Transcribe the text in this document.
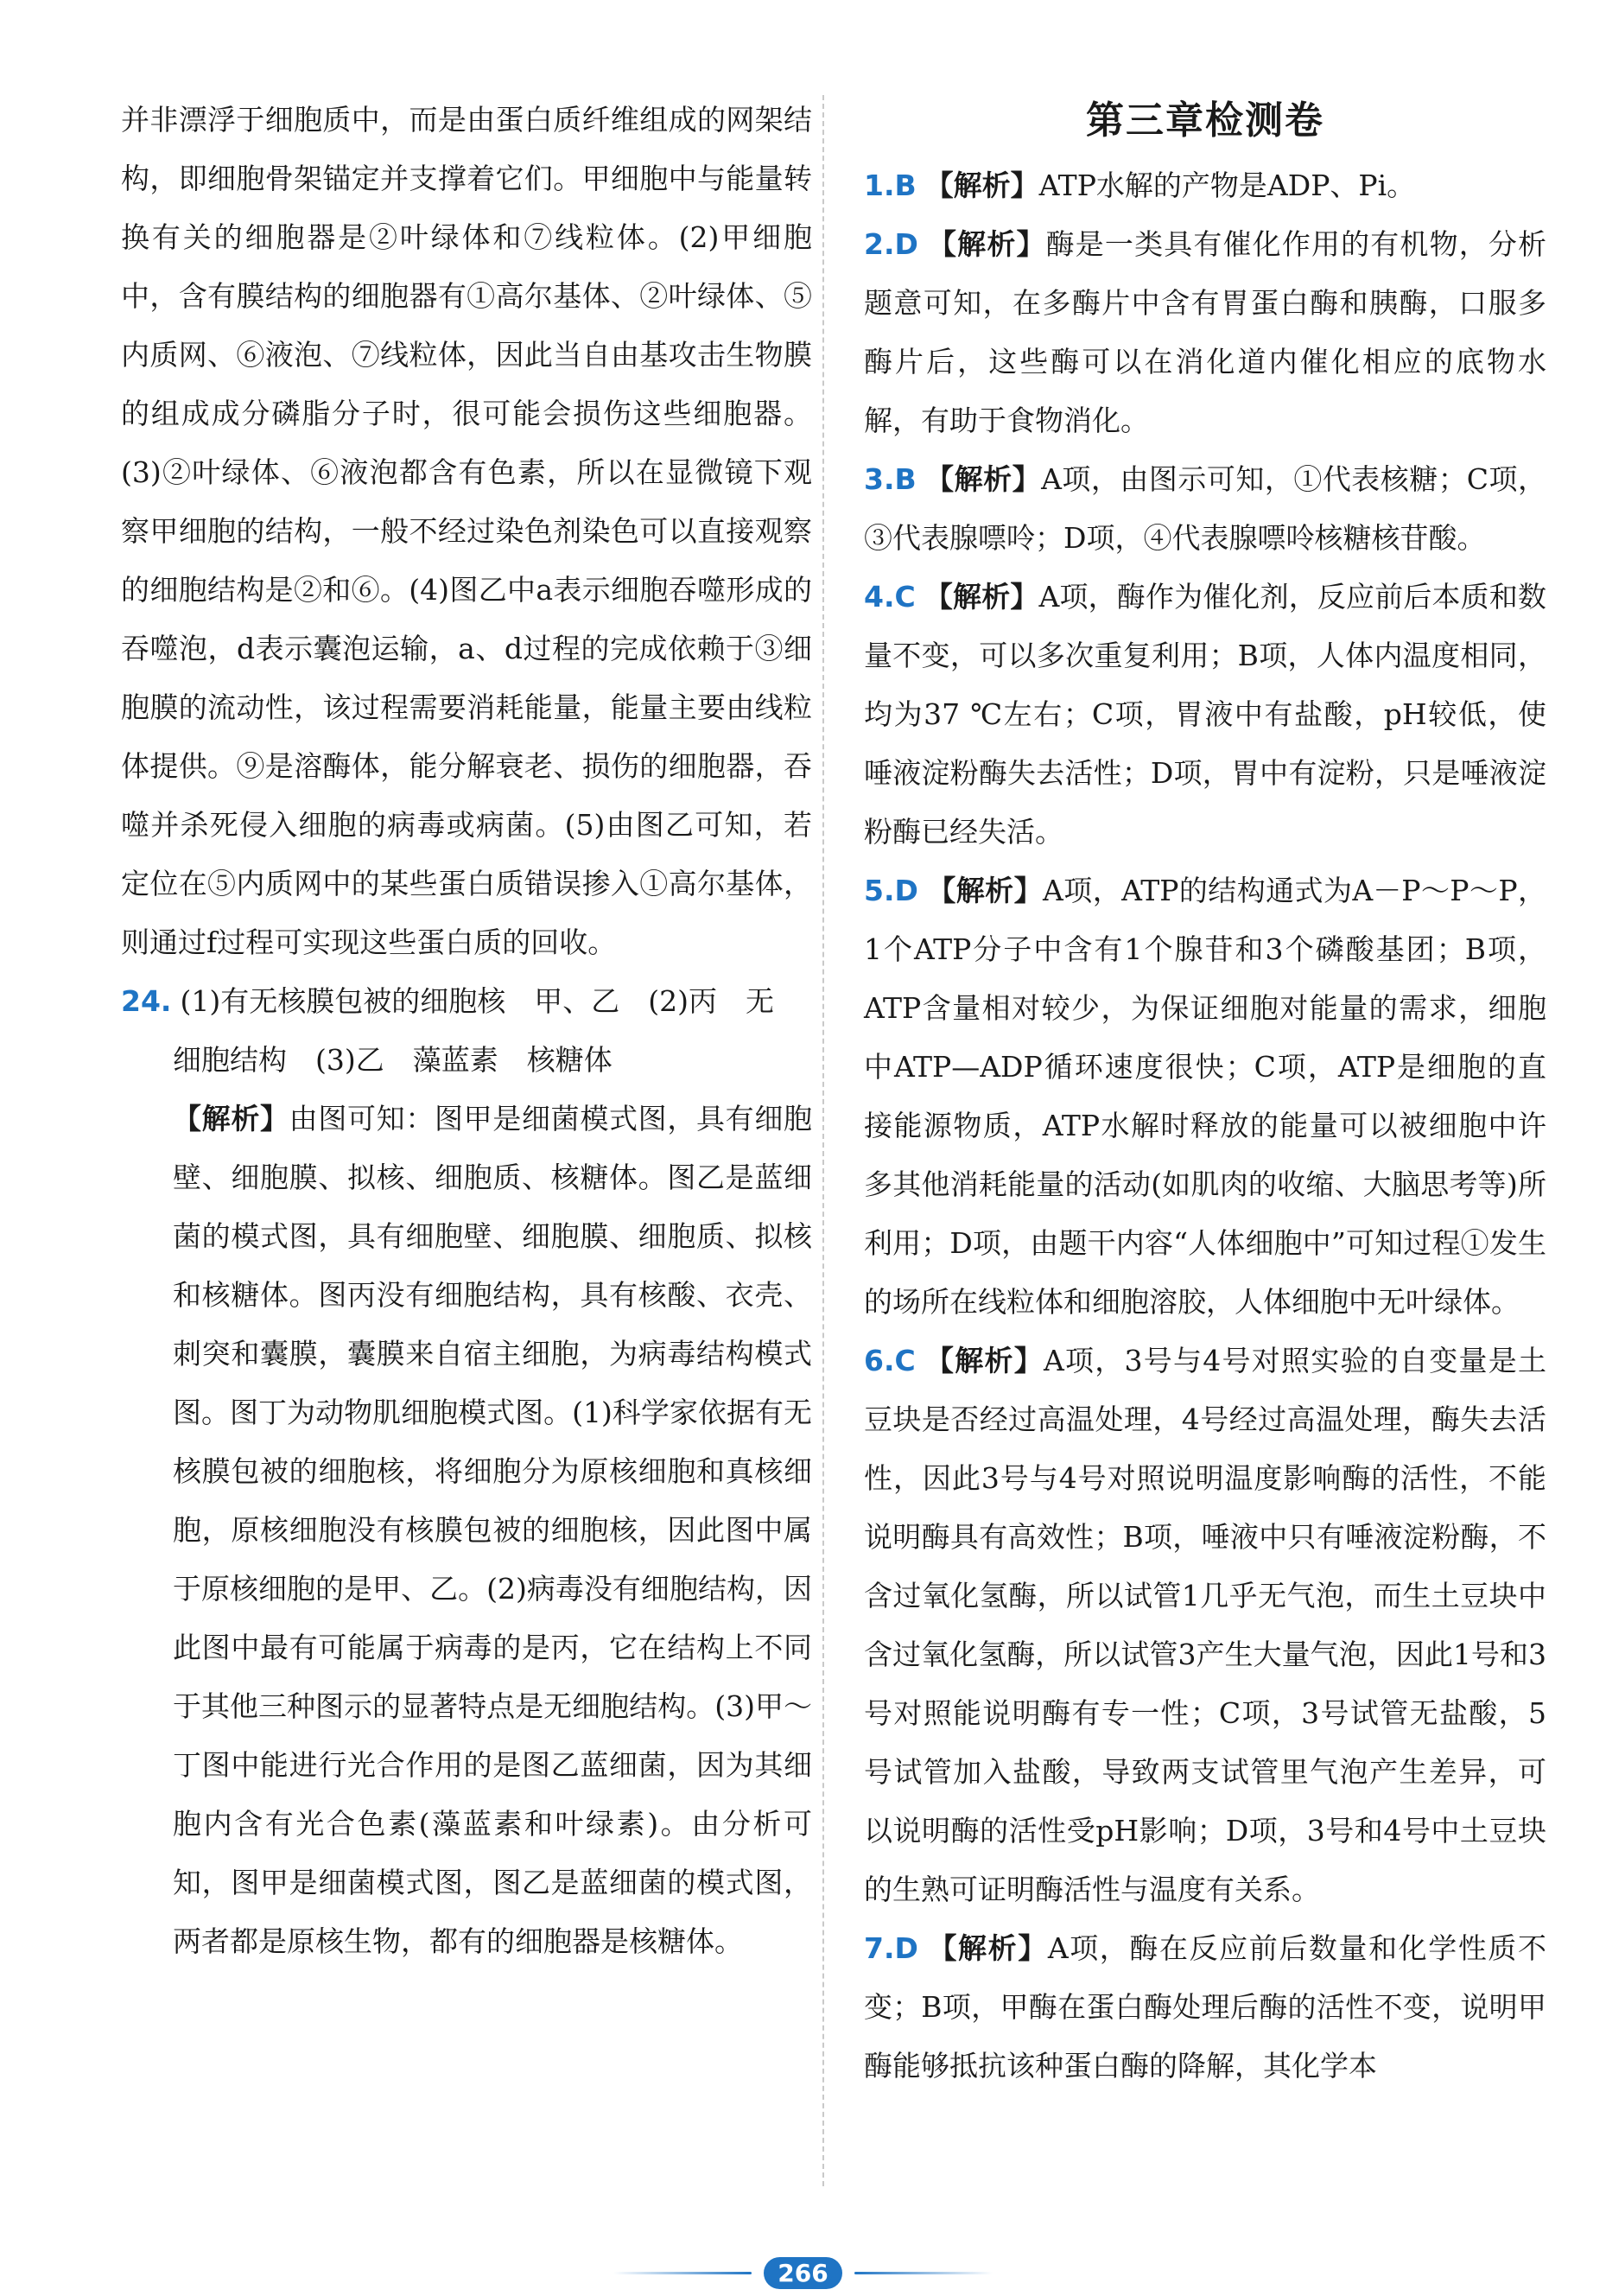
并非漂浮于细胞质中，而是由蛋白质纤维组成的网架结构，即细胞骨架锚定并支撑着它们。甲细胞中与能量转换有关的细胞器是②叶绿体和⑦线粒体。(2)甲细胞中，含有膜结构的细胞器有①高尔基体、②叶绿体、⑤内质网、⑥液泡、⑦线粒体，因此当自由基攻击生物膜的组成成分磷脂分子时，很可能会损伤这些细胞器。(3)②叶绿体、⑥液泡都含有色素，所以在显微镜下观察甲细胞的结构，一般不经过染色剂染色可以直接观察的细胞结构是②和⑥。(4)图乙中a表示细胞吞噬形成的吞噬泡，d表示囊泡运输，a、d过程的完成依赖于③细胞膜的流动性，该过程需要消耗能量，能量主要由线粒体提供。⑨是溶酶体，能分解衰老、损伤的细胞器，吞噬并杀死侵入细胞的病毒或病菌。(5)由图乙可知，若定位在⑤内质网中的某些蛋白质错误掺入①高尔基体，则通过f过程可实现这些蛋白质的回收。

24. (1)有无核膜包被的细胞核　甲、乙　(2)丙　无

细胞结构　(3)乙　藻蓝素　核糖体

【解析】由图可知：图甲是细菌模式图，具有细胞壁、细胞膜、拟核、细胞质、核糖体。图乙是蓝细菌的模式图，具有细胞壁、细胞膜、细胞质、拟核和核糖体。图丙没有细胞结构，具有核酸、衣壳、刺突和囊膜，囊膜来自宿主细胞，为病毒结构模式图。图丁为动物肌细胞模式图。(1)科学家依据有无核膜包被的细胞核，将细胞分为原核细胞和真核细胞，原核细胞没有核膜包被的细胞核，因此图中属于原核细胞的是甲、乙。(2)病毒没有细胞结构，因此图中最有可能属于病毒的是丙，它在结构上不同于其他三种图示的显著特点是无细胞结构。(3)甲～丁图中能进行光合作用的是图乙蓝细菌，因为其细胞内含有光合色素(藻蓝素和叶绿素)。由分析可知，图甲是细菌模式图，图乙是蓝细菌的模式图，两者都是原核生物，都有的细胞器是核糖体。

第三章检测卷

1.B 【解析】ATP水解的产物是ADP、Pi。

2.D 【解析】酶是一类具有催化作用的有机物，分析题意可知，在多酶片中含有胃蛋白酶和胰酶，口服多酶片后，这些酶可以在消化道内催化相应的底物水解，有助于食物消化。

3.B 【解析】A项，由图示可知，①代表核糖；C项，③代表腺嘌呤；D项，④代表腺嘌呤核糖核苷酸。

4.C 【解析】A项，酶作为催化剂，反应前后本质和数量不变，可以多次重复利用；B项，人体内温度相同，均为37 ℃左右；C项，胃液中有盐酸，pH较低，使唾液淀粉酶失去活性；D项，胃中有淀粉，只是唾液淀粉酶已经失活。

5.D 【解析】A项，ATP的结构通式为A－P～P～P，1个ATP分子中含有1个腺苷和3个磷酸基团；B项，ATP含量相对较少，为保证细胞对能量的需求，细胞中ATP—ADP循环速度很快；C项，ATP是细胞的直接能源物质，ATP水解时释放的能量可以被细胞中许多其他消耗能量的活动(如肌肉的收缩、大脑思考等)所利用；D项，由题干内容“人体细胞中”可知过程①发生的场所在线粒体和细胞溶胶，人体细胞中无叶绿体。

6.C 【解析】A项，3号与4号对照实验的自变量是土豆块是否经过高温处理，4号经过高温处理，酶失去活性，因此3号与4号对照说明温度影响酶的活性，不能说明酶具有高效性；B项，唾液中只有唾液淀粉酶，不含过氧化氢酶，所以试管1几乎无气泡，而生土豆块中含过氧化氢酶，所以试管3产生大量气泡，因此1号和3号对照能说明酶有专一性；C项，3号试管无盐酸，5号试管加入盐酸，导致两支试管里气泡产生差异，可以说明酶的活性受pH影响；D项，3号和4号中土豆块的生熟可证明酶活性与温度有关系。

7.D 【解析】A项，酶在反应前后数量和化学性质不变；B项，甲酶在蛋白酶处理后酶的活性不变，说明甲酶能够抵抗该种蛋白酶的降解，其化学本

266
